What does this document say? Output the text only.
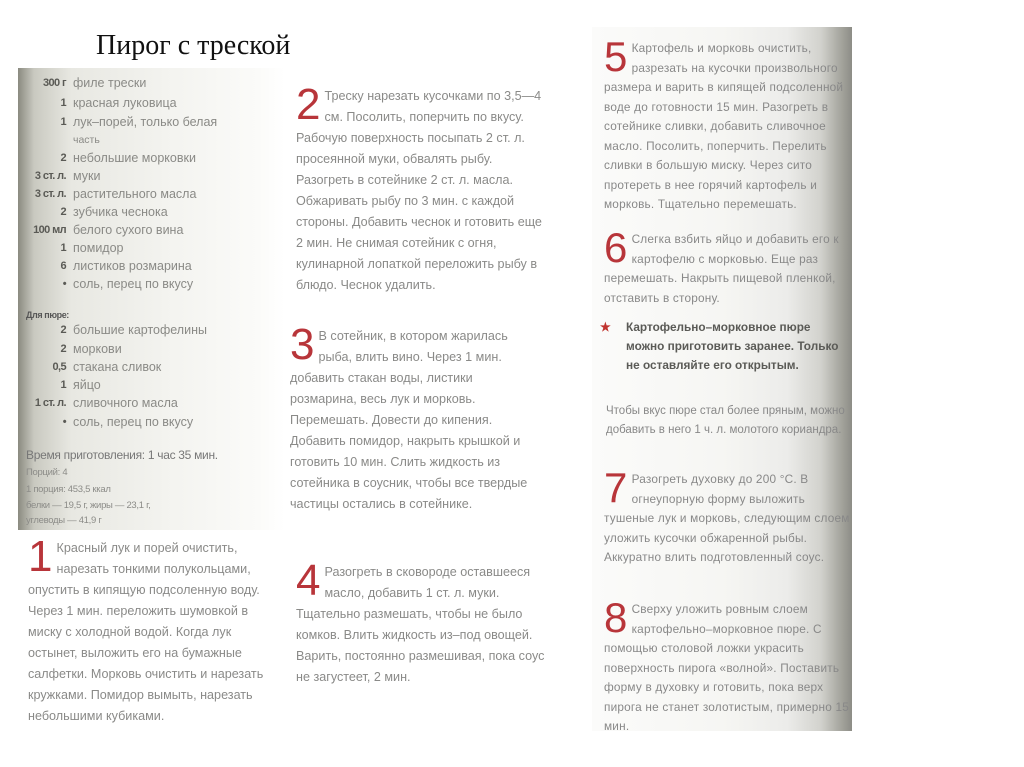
Пирог с треской
300 г филе трески
1 красная луковица
1 лук–порей, только белая
часть
2 небольшие морковки
3 ст. л. муки
3 ст. л. растительного масла
2 зубчика чеснока
100 мл белого сухого вина
1 помидор
6 листиков розмарина
• соль, перец по вкусу
Для пюре:
2 большие картофелины
2 моркови
0,5 стакана сливок
1 яйцо
1 ст. л. сливочного масла
• соль, перец по вкусу
Время приготовления: 1 час 35 мин.
Порций: 4
1 порция: 453,5 ккал
белки — 19,5 г, жиры — 23,1 г,
углеводы — 41,9 г
1 Красный лук и порей очистить, нарезать тонкими полукольцами, опустить в кипящую подсоленную воду. Через 1 мин. переложить шумовкой в миску с холодной водой. Когда лук остынет, выложить его на бумажные салфетки. Морковь очистить и нарезать кружками. Помидор вымыть, нарезать небольшими кубиками.

2 Треску нарезать кусочками по 3,5—4 см. Посолить, поперчить по вкусу. Рабочую поверхность посыпать 2 ст. л. просеянной муки, обвалять рыбу. Разогреть в сотейнике 2 ст. л. масла. Обжаривать рыбу по 3 мин. с каждой стороны. Добавить чеснок и готовить еще 2 мин. Не снимая сотейник с огня, кулинарной лопаткой переложить рыбу в блюдо. Чеснок удалить.

3 В сотейник, в котором жарилась рыба, влить вино. Через 1 мин. добавить стакан воды, листики розмарина, весь лук и морковь. Перемешать. Довести до кипения. Добавить помидор, накрыть крышкой и готовить 10 мин. Слить жидкость из сотейника в соусник, чтобы все твердые частицы остались в сотейнике.

4 Разогреть в сковороде оставшееся масло, добавить 1 ст. л. муки. Тщательно размешать, чтобы не было комков. Влить жидкость из–под овощей. Варить, постоянно размешивая, пока соус не загустеет, 2 мин.

5 Картофель и морковь очистить, разрезать на кусочки произвольного размера и варить в кипящей подсоленной воде до готовности 15 мин. Разогреть в сотейнике сливки, добавить сливочное масло. Посолить, поперчить. Перелить сливки в большую миску. Через сито протереть в нее горячий картофель и морковь. Тщательно перемешать.

6 Слегка взбить яйцо и добавить его к картофелю с морковью. Еще раз перемешать. Накрыть пищевой пленкой, отставить в сторону.

★	Картофельно–морковное пюре можно приготовить заранее. Только не оставляйте его открытым.
Чтобы вкус пюре стал более пряным, можно добавить в него 1 ч. л. молотого кориандра.
7 Разогреть духовку до 200 °С. В огнеупорную форму выложить тушеные лук и морковь, следующим слоем уложить кусочки обжаренной рыбы. Аккуратно влить подготовленный соус.

8 Сверху уложить ровным слоем картофельно–морковное пюре. С помощью столовой ложки украсить поверхность пирога «волной». Поставить форму в духовку и готовить, пока верх пирога не станет золотистым, примерно 15 мин.
